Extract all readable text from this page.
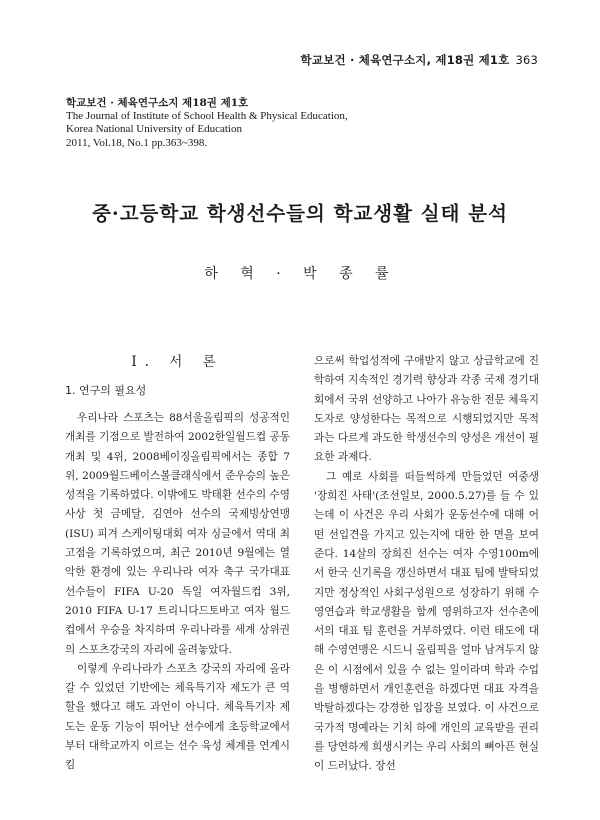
학교보건 · 체육연구소지, 제18권 제1호 363
학교보건 · 체육연구소지 제18권 제1호
The Journal of Institute of School Health & Physical Education,
Korea National University of Education
2011, Vol.18, No.1 pp.363~398.
중·고등학교 학생선수들의 학교생활 실태 분석
하 혁 · 박 종 률
Ⅰ. 서 론
1. 연구의 필요성

우리나라 스포츠는 88서울올림픽의 성공적인 개최를 기점으로 발전하여 2002한일월드컵 공동개최 및 4위, 2008베이징올림픽에서는 종합 7위, 2009월드베이스볼클래식에서 준우승의 높은 성적을 기록하였다. 이밖에도 박태환 선수의 수영 사상 첫 금메달, 김연아 선수의 국제빙상연맹(ISU) 피겨 스케이팅대회 여자 싱글에서 역대 최고점을 기록하였으며, 최근 2010년 9월에는 열악한 환경에 있는 우리나라 여자 축구 국가대표 선수들이 FIFA U-20 독일 여자월드컵 3위, 2010 FIFA U-17 트리니다드토바고 여자 월드컵에서 우승을 차지하며 우리나라를 세계 상위권의 스포츠강국의 자리에 올려놓았다.

이렇게 우리나라가 스포츠 강국의 자리에 올라 갈 수 있었던 기반에는 체육특기자 제도가 큰 역할을 했다고 해도 과언이 아니다. 체육특기자 제도는 운동 기능이 뛰어난 선수에게 초등학교에서부터 대학교까지 이르는 선수 육성 체계를 연계시킴

으로써 학업성적에 구애받지 않고 상급학교에 진학하여 지속적인 경기력 향상과 각종 국제 경기대회에서 국위 선양하고 나아가 유능한 전문 체육지도자로 양성한다는 목적으로 시행되었지만 목적과는 다르게 과도한 학생선수의 양성은 개선이 필요한 과제다.

그 예로 사회를 떠들썩하게 만들었던 여중생 '장희진 사태'(조선일보, 2000.5.27)를 들 수 있는데 이 사건은 우리 사회가 운동선수에 대해 어떤 선입견을 가지고 있는지에 대한 한 면을 보여준다. 14살의 장희진 선수는 여자 수영100m에서 한국 신기록을 갱신하면서 대표 팀에 발탁되었지만 정상적인 사회구성원으로 성장하기 위해 수영연습과 학교생활을 함께 영위하고자 선수촌에서의 대표 팀 훈련을 거부하였다. 이런 태도에 대해 수영연맹은 시드니 올림픽을 얼마 남겨두지 않은 이 시점에서 있을 수 없는 일이라며 학과 수업을 병행하면서 개인훈련을 하겠다면 대표 자격을 박탈하겠다는 강경한 입장을 보였다. 이 사건으로 국가적 명예라는 기치 하에 개인의 교육받을 권리를 당연하게 희생시키는 우리 사회의 뼈아픈 현실이 드러났다. 장선
